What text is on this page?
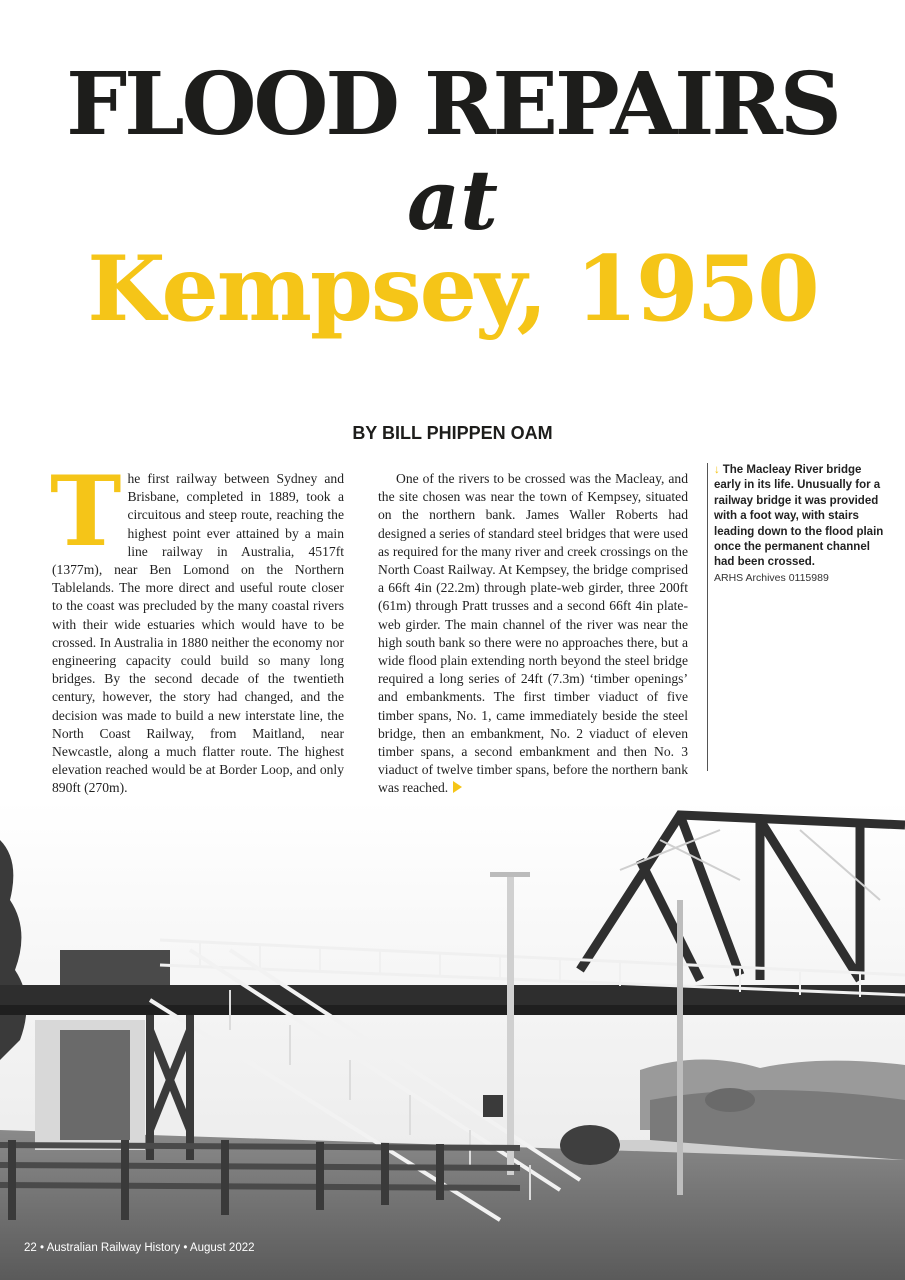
FLOOD REPAIRS
at
Kempsey, 1950
BY BILL PHIPPEN OAM
T he first railway between Sydney and Brisbane, completed in 1889, took a circuitous and steep route, reaching the highest point ever attained by a main line railway in Australia, 4517ft (1377m), near Ben Lomond on the Northern Tablelands. The more direct and useful route closer to the coast was precluded by the many coastal rivers with their wide estuaries which would have to be crossed. In Australia in 1880 neither the economy nor engineering capacity could build so many long bridges. By the second decade of the twentieth century, however, the story had changed, and the decision was made to build a new interstate line, the North Coast Railway, from Maitland, near Newcastle, along a much flatter route. The highest elevation reached would be at Border Loop, and only 890ft (270m).

One of the rivers to be crossed was the Macleay, and the site chosen was near the town of Kempsey, situated on the northern bank. James Waller Roberts had designed a series of standard steel bridges that were used as required for the many river and creek crossings on the North Coast Railway. At Kempsey, the bridge comprised a 66ft 4in (22.2m) through plate-web girder, three 200ft (61m) through Pratt trusses and a second 66ft 4in plate-web girder. The main channel of the river was near the high south bank so there were no approaches there, but a wide flood plain extending north beyond the steel bridge required a long series of 24ft (7.3m) ‘timber openings’ and embankments. The first timber viaduct of five timber spans, No. 1, came immediately beside the steel bridge, then an embankment, No. 2 viaduct of eleven timber spans, a second embankment and then No. 3 viaduct of twelve timber spans, before the northern bank was reached.

↓ The Macleay River bridge early in its life. Unusually for a railway bridge it was provided with a foot way, with stairs leading down to the flood plain once the permanent channel had been crossed.
ARHS Archives 0115989
22 • Australian Railway History • August 2022
